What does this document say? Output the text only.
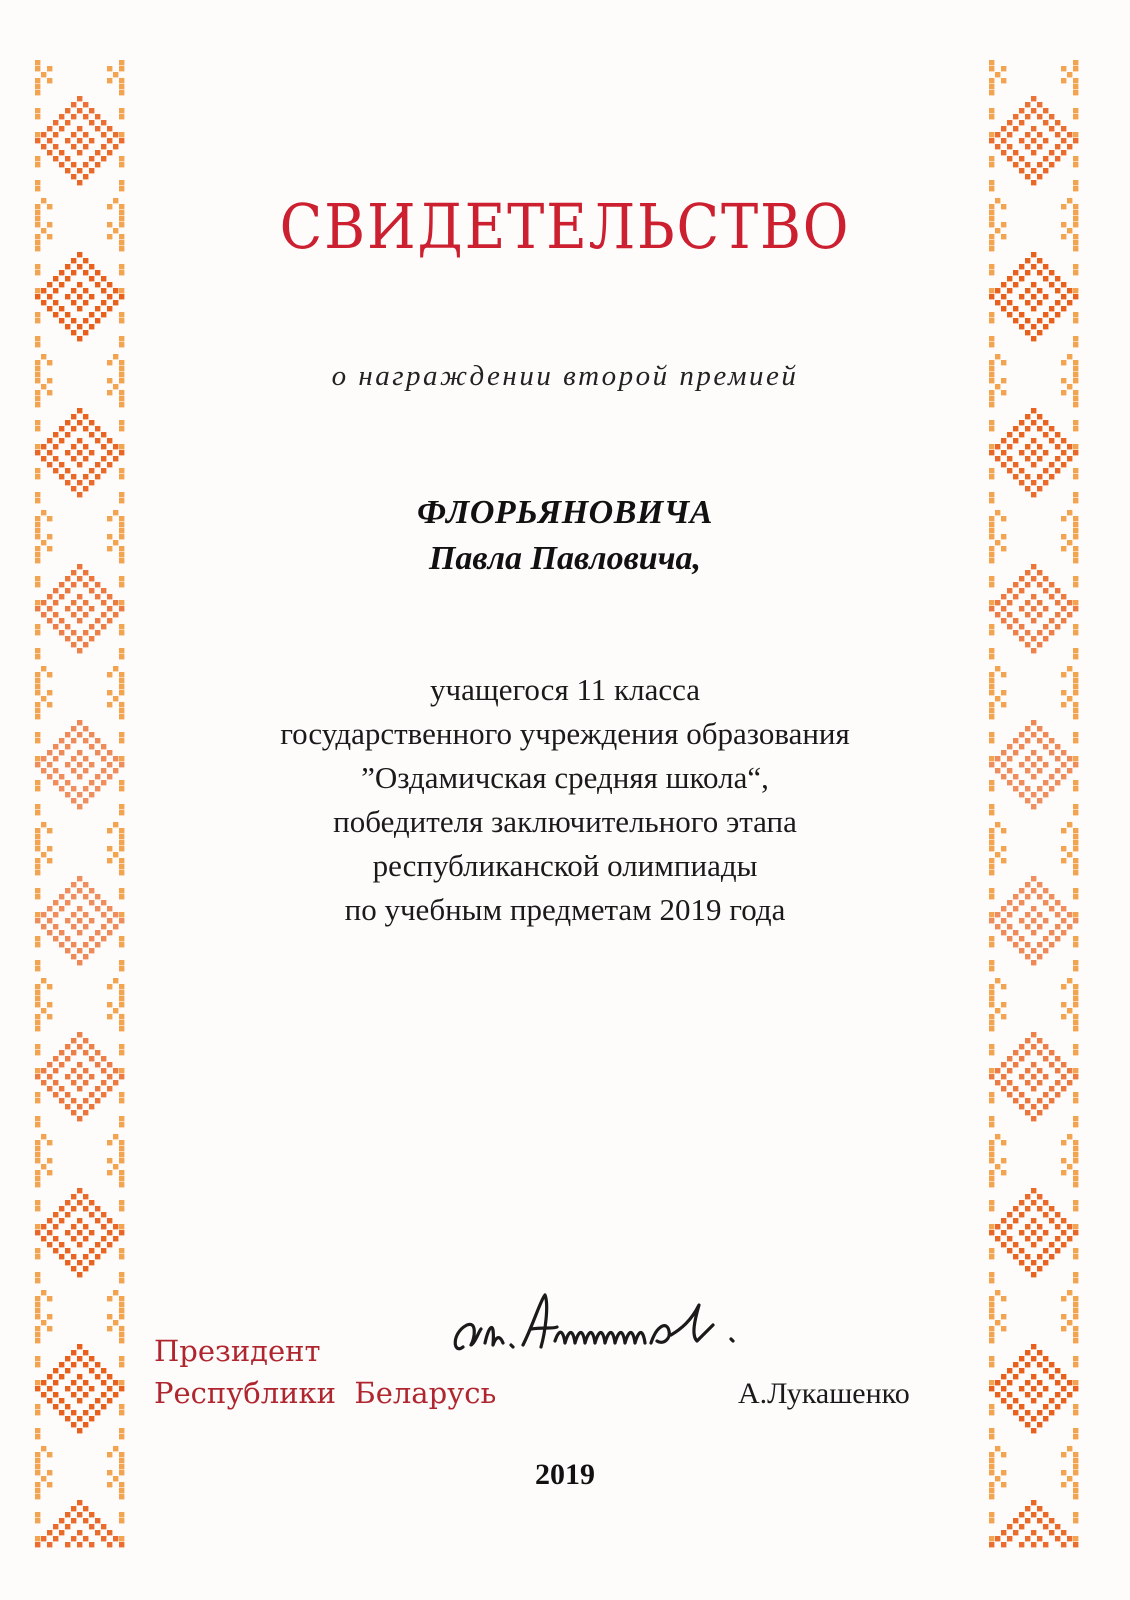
СВИДЕТЕЛЬСТВО
о награждении второй премией
ФЛОРЬЯНОВИЧА
Павла Павловича,
учащегося 11 класса
государственного учреждения образования
”Оздамичская средняя школа“,
победителя заключительного этапа
республиканской олимпиады
по учебным предметам 2019 года
Президент
Республики  Беларусь	А.Лукашенко
2019
